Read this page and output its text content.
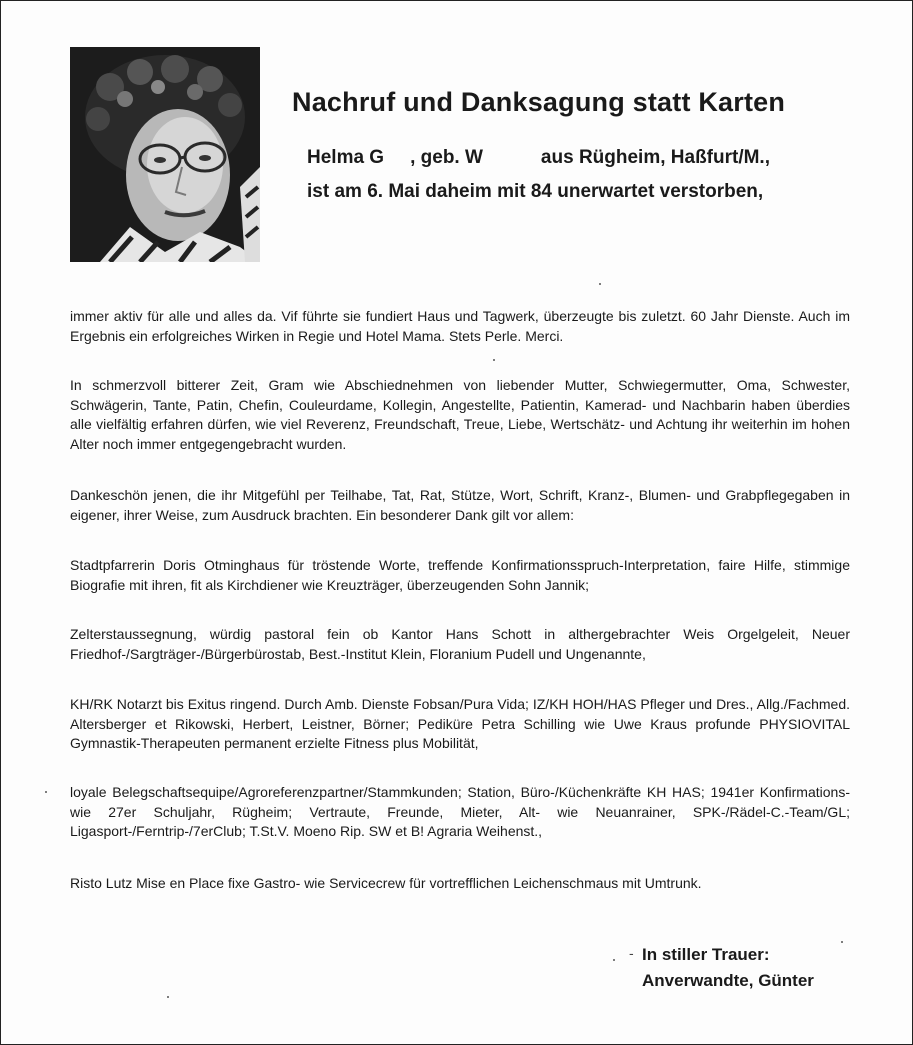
Nachruf und Danksagung statt Karten
Helma G , geb. W	aus Rügheim, Haßfurt/M.,
ist am 6. Mai daheim mit 84 unerwartet verstorben,
immer aktiv für alle und alles da. Vif führte sie fundiert Haus und Tagwerk, überzeugte bis zuletzt. 60 Jahr Dienste. Auch im Ergebnis ein erfolgreiches Wirken in Regie und Hotel Mama. Stets Perle. Merci.
In schmerzvoll bitterer Zeit, Gram wie Abschiednehmen von liebender Mutter, Schwiegermutter, Oma, Schwester, Schwägerin, Tante, Patin, Chefin, Couleurdame, Kollegin, Angestellte, Patientin, Kamerad- und Nachbarin haben überdies alle vielfältig erfahren dürfen, wie viel Reverenz, Freundschaft, Treue, Liebe, Wertschätz- und Achtung ihr weiterhin im hohen Alter noch immer entgegengebracht wurden.
Dankeschön jenen, die ihr Mitgefühl per Teilhabe, Tat, Rat, Stütze, Wort, Schrift, Kranz-, Blumen- und Grabpflegegaben in eigener, ihrer Weise, zum Ausdruck brachten. Ein besonderer Dank gilt vor allem:
Stadtpfarrerin Doris Otminghaus für tröstende Worte, treffende Konfirmationsspruch-Interpretation, faire Hilfe, stimmige Biografie mit ihren, fit als Kirchdiener wie Kreuzträger, überzeugenden Sohn Jannik;
Zelterstaussegnung, würdig pastoral fein ob Kantor Hans Schott in althergebrachter Weis Orgelgeleit, Neuer Friedhof-/Sargträger-/Bürgerbürostab, Best.-Institut Klein, Floranium Pudell und Ungenannte,
KH/RK Notarzt bis Exitus ringend. Durch Amb. Dienste Fobsan/Pura Vida; IZ/KH HOH/HAS Pfleger und Dres., Allg./Fachmed. Altersberger et Rikowski, Herbert, Leistner, Börner; Pediküre Petra Schilling wie Uwe Kraus profunde PHYSIOVITAL Gymnastik-Therapeuten permanent erzielte Fitness plus Mobilität,
loyale Belegschaftsequipe/Agroreferenzpartner/Stammkunden; Station, Büro-/Küchenkräfte KH HAS; 1941er Konfirmations- wie 27er Schuljahr, Rügheim; Vertraute, Freunde, Mieter, Alt- wie Neuanrainer, SPK-/Rädel-C.-Team/GL; Ligasport-/Ferntrip-/7erClub; T.St.V. Moeno Rip. SW et B! Agraria Weihenst.,
Risto Lutz Mise en Place fixe Gastro- wie Servicecrew für vortrefflichen Leichenschmaus mit Umtrunk.
‑ In stiller Trauer:
Anverwandte, Günter
